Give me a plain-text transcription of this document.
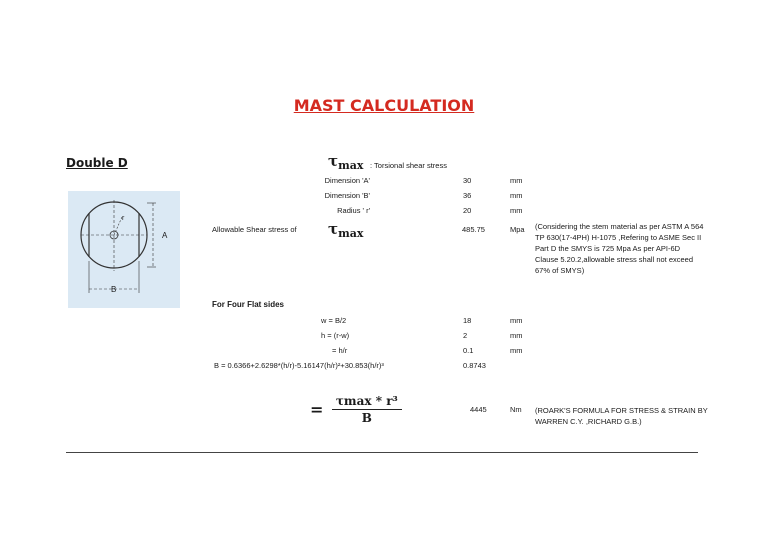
MAST CALCULATION
Double D	$\tau_{max}$ : Torsional shear stress
Dimension 'A'	30	mm
Dimension 'B'	36	mm
Radius ' r'	20	mm
Allowable Shear stress of $\tau_{max}$	485.75	Mpa (Considering the stem material as per ASTM A 564 TP 630(17-4PH) H-1075 ,Refering to ASME Sec II Part D the SMYS is 725 Mpa As per API-6D Clause 5.20.2,allowable stress shall not exceed 67% of SMYS)
r
A
B
For Four Flat sides
w = B/2	18	mm
h = (r-w)	2	mm
= h/r	0.1	mm
B = 0.6366+2.6298*(h/r)-5.16147(h/r)²+30.853(h/r)³	0.8743
= $\frac{\text{τmax * r³}}{B}$	4445	Nm (ROARK'S FORMULA FOR STRESS & STRAIN BY WARREN C.Y. ,RICHARD G.B.)
